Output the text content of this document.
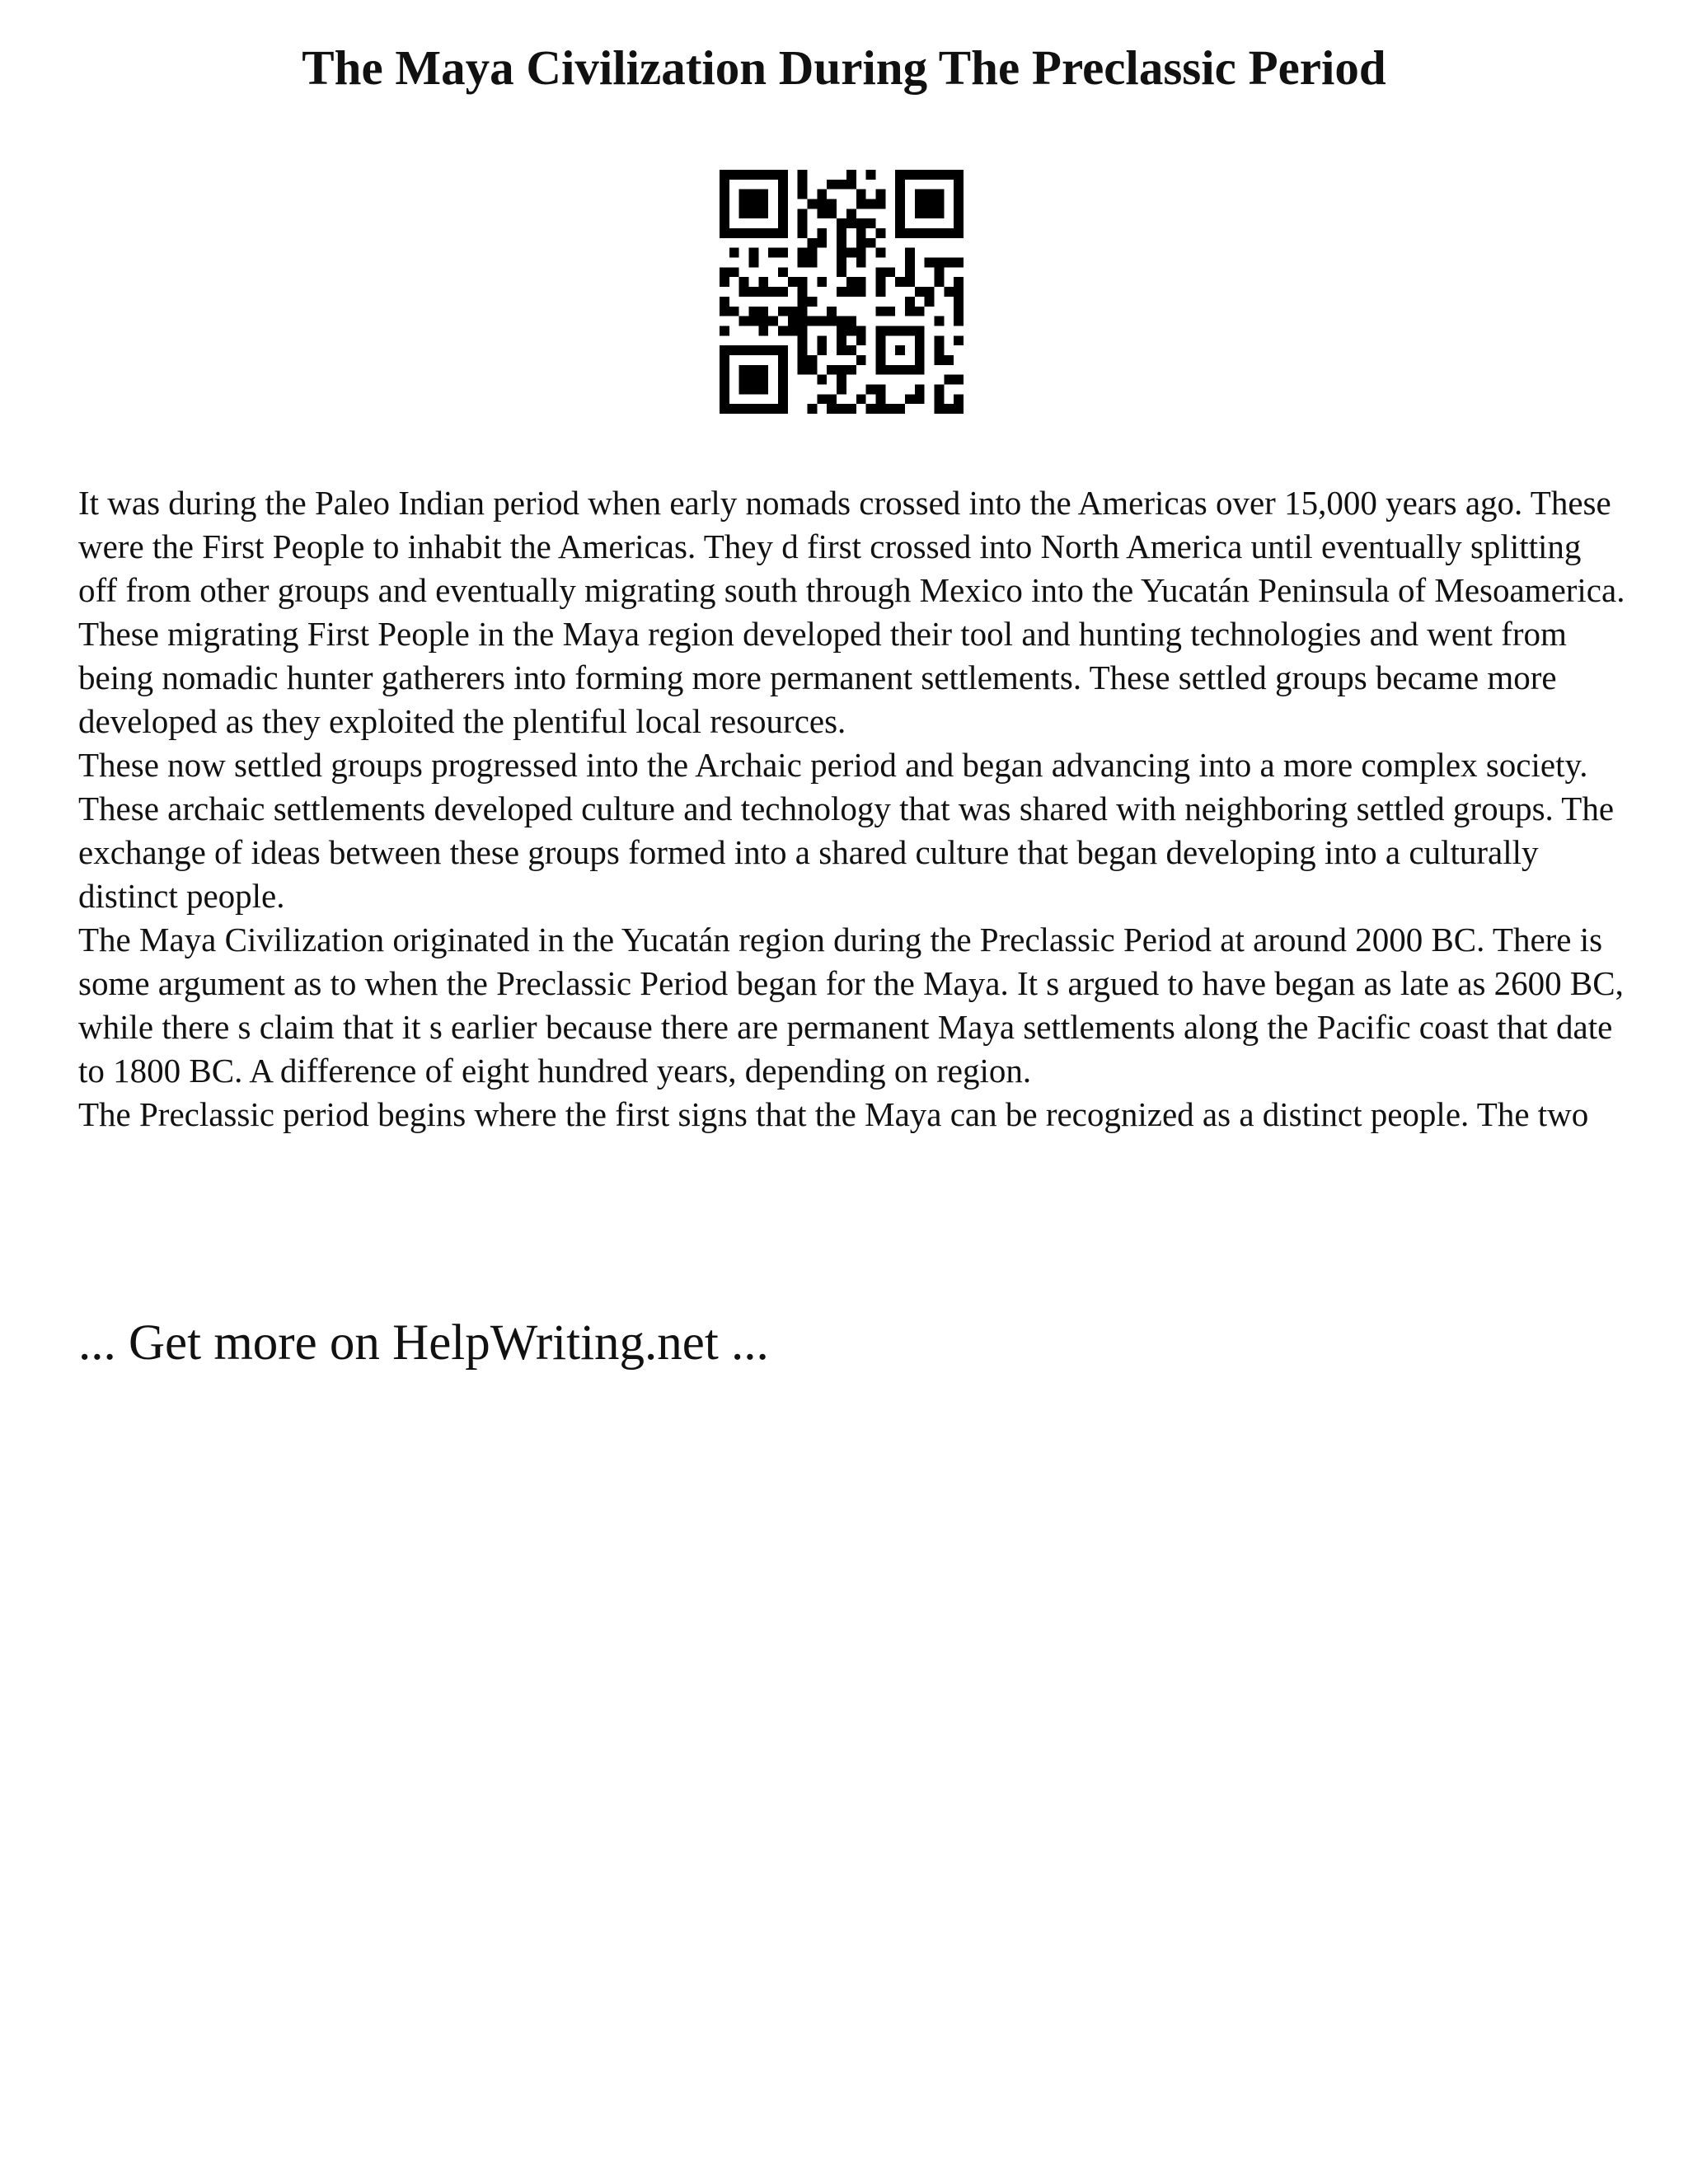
The Maya Civilization During The Preclassic Period

It was during the Paleo Indian period when early nomads crossed into the Americas over 15,000 years ago. These were the First People to inhabit the Americas. They d first crossed into North America until eventually splitting off from other groups and eventually migrating south through Mexico into the Yucatán Peninsula of Mesoamerica.

These migrating First People in the Maya region developed their tool and hunting technologies and went from being nomadic hunter gatherers into forming more permanent settlements. These settled groups became more developed as they exploited the plentiful local resources.

These now settled groups progressed into the Archaic period and began advancing into a more complex society. These archaic settlements developed culture and technology that was shared with neighboring settled groups. The exchange of ideas between these groups formed into a shared culture that began developing into a culturally distinct people.

The Maya Civilization originated in the Yucatán region during the Preclassic Period at around 2000 BC. There is some argument as to when the Preclassic Period began for the Maya. It s argued to have began as late as 2600 BC, while there s claim that it s earlier because there are permanent Maya settlements along the Pacific coast that date to 1800 BC. A difference of eight hundred years, depending on region.

The Preclassic period begins where the first signs that the Maya can be recognized as a distinct people. The two

... Get more on HelpWriting.net ...
